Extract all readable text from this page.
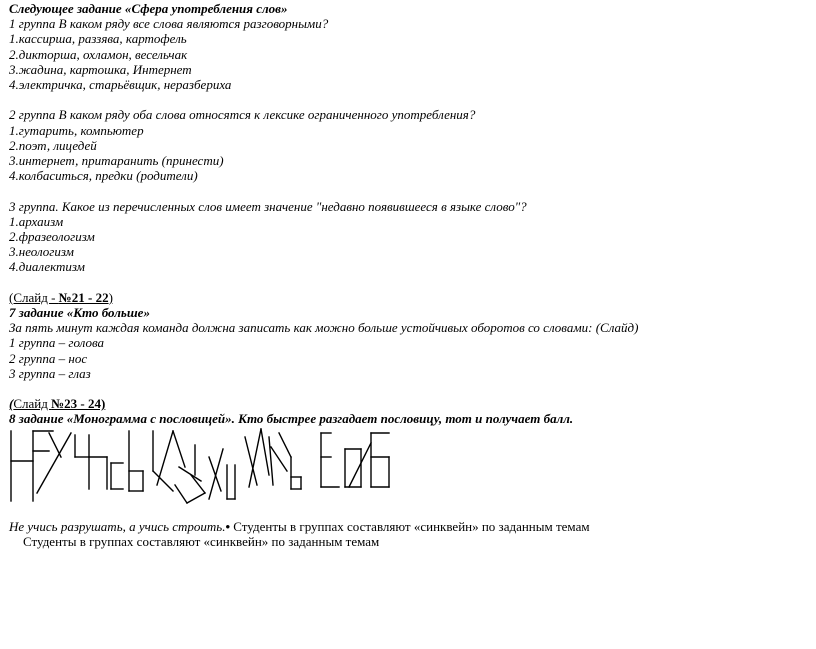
Следующее задание «Сфера употребления слов»
1 группа В каком ряду все слова являются разговорными?
1.кассирша, раззява, картофель
2.дикторша, охламон, весельчак
3.жадина, картошка, Интернет
4.электричка, старьёвщик, неразбериха
2 группа В каком ряду оба слова относятся к лексике ограниченного употребления?
1.гутарить, компьютер
2.поэт, лицедей
3.интернет, притаранить (принести)
4.колбаситься, предки (родители)
3 группа. Какое из перечисленных слов имеет значение "недавно появившееся в языке слово"?
1.архаизм
2.фразеологизм
3.неологизм
4.диалектизм
(Слайд - №21 - 22)
7 задание «Кто больше»
За пять минут каждая команда должна записать как можно больше устойчивых оборотов со словами: (Слайд)
1 группа – голова
2 группа – нос
3 группа – глаз
(Слайд №23 - 24)
8 задание «Монограмма с пословицей». Кто быстрее разгадает пословицу, тот и получает балл.
Не учись разрушать, а учись строить.• Студенты в группах составляют «синквейн» по заданным темам
Студенты в группах составляют «синквейн» по заданным темам
